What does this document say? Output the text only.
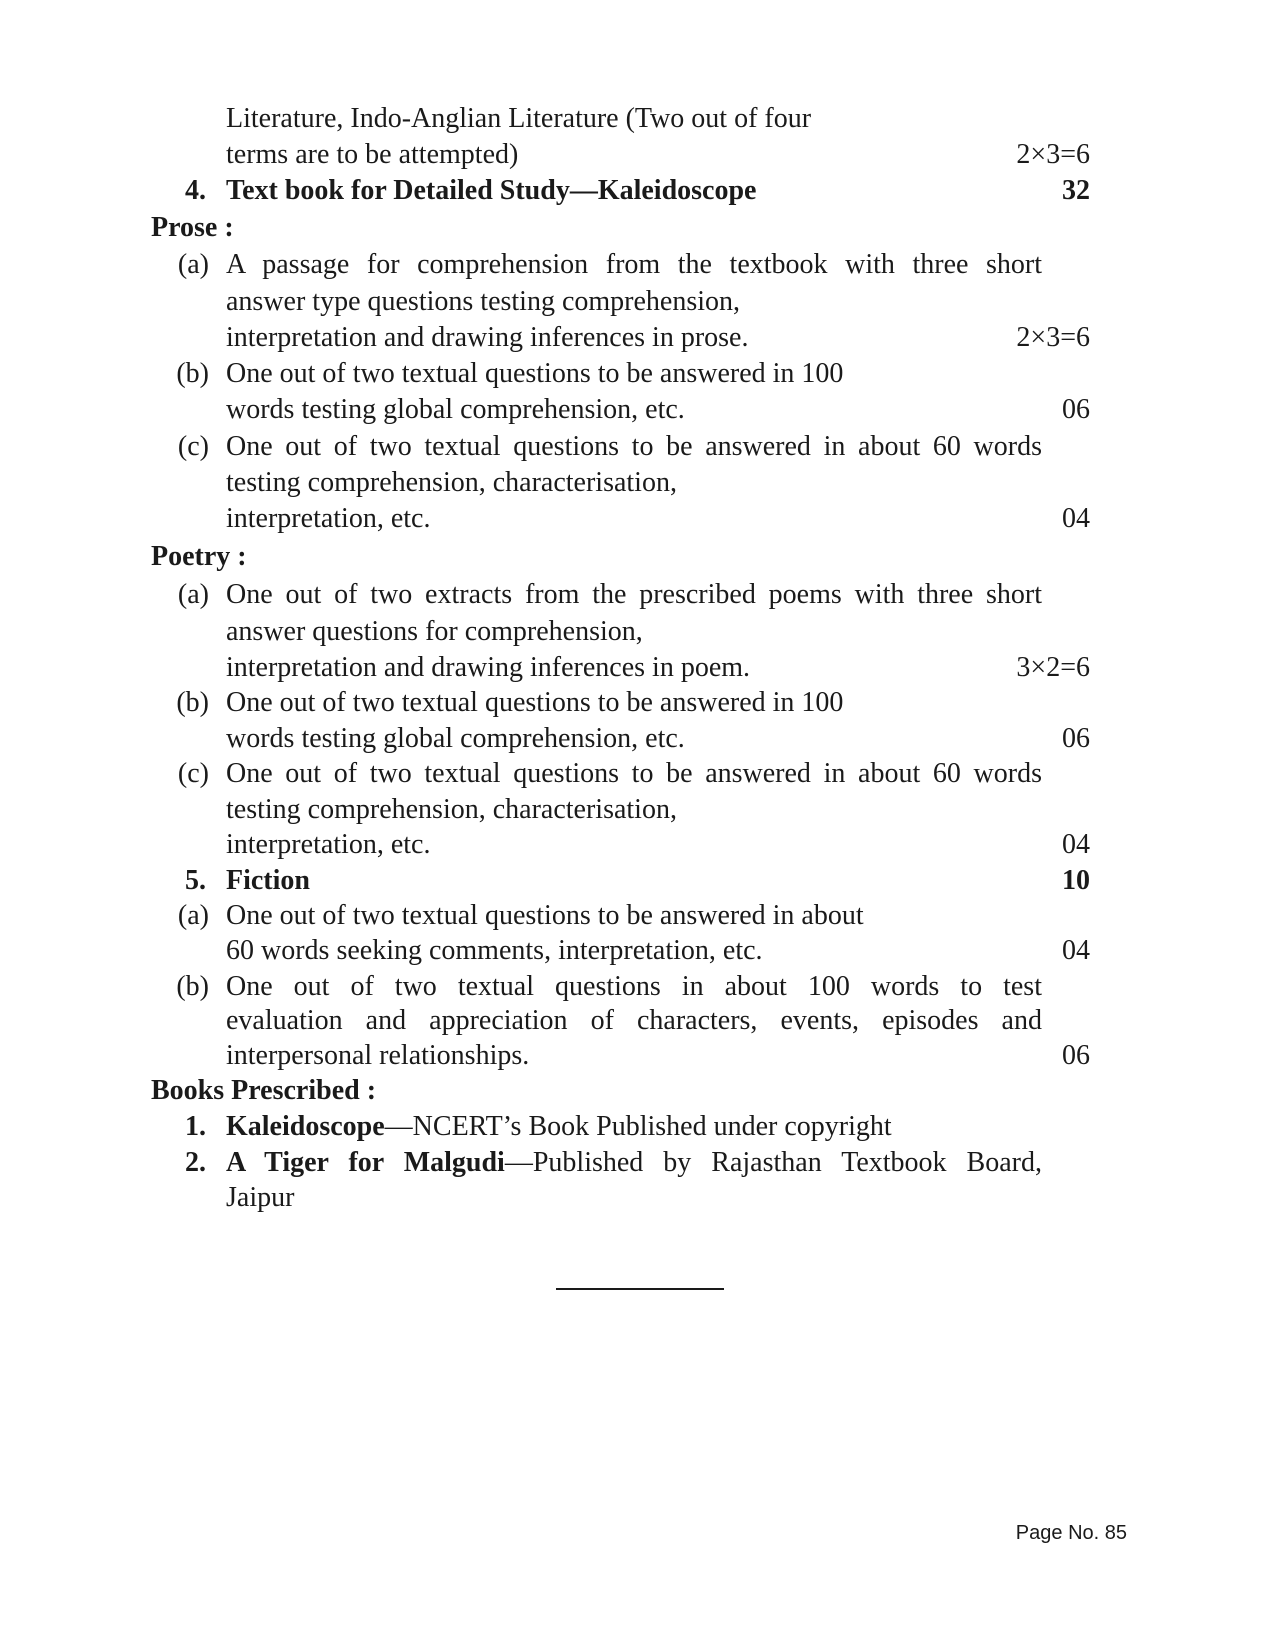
Literature, Indo-Anglian Literature (Two out of four
terms are to be attempted)	2×3=6
4. Text book for Detailed Study—Kaleidoscope	32
Prose :
(a) A passage for comprehension from the textbook with three short
answer type questions testing comprehension,
interpretation and drawing inferences in prose.	2×3=6
(b) One out of two textual questions to be answered in 100
words testing global comprehension, etc.	06
(c) One out of two textual questions to be answered in about 60 words
testing comprehension, characterisation,
interpretation, etc.	04
Poetry :
(a) One out of two extracts from the prescribed poems with three short
answer questions for comprehension,
interpretation and drawing inferences in poem.	3×2=6
(b) One out of two textual questions to be answered in 100
words testing global comprehension, etc.	06
(c) One out of two textual questions to be answered in about 60 words
testing comprehension, characterisation,
interpretation, etc.	04
5. Fiction	10
(a) One out of two textual questions to be answered in about
60 words seeking comments, interpretation, etc.	04
(b) One out of two textual questions in about 100 words to test
evaluation and appreciation of characters, events, episodes and
interpersonal relationships.	06
Books Prescribed :
1. Kaleidoscope—NCERT’s Book Published under copyright
2. A Tiger for Malgudi—Published by Rajasthan Textbook Board,
Jaipur
Page No. 85
